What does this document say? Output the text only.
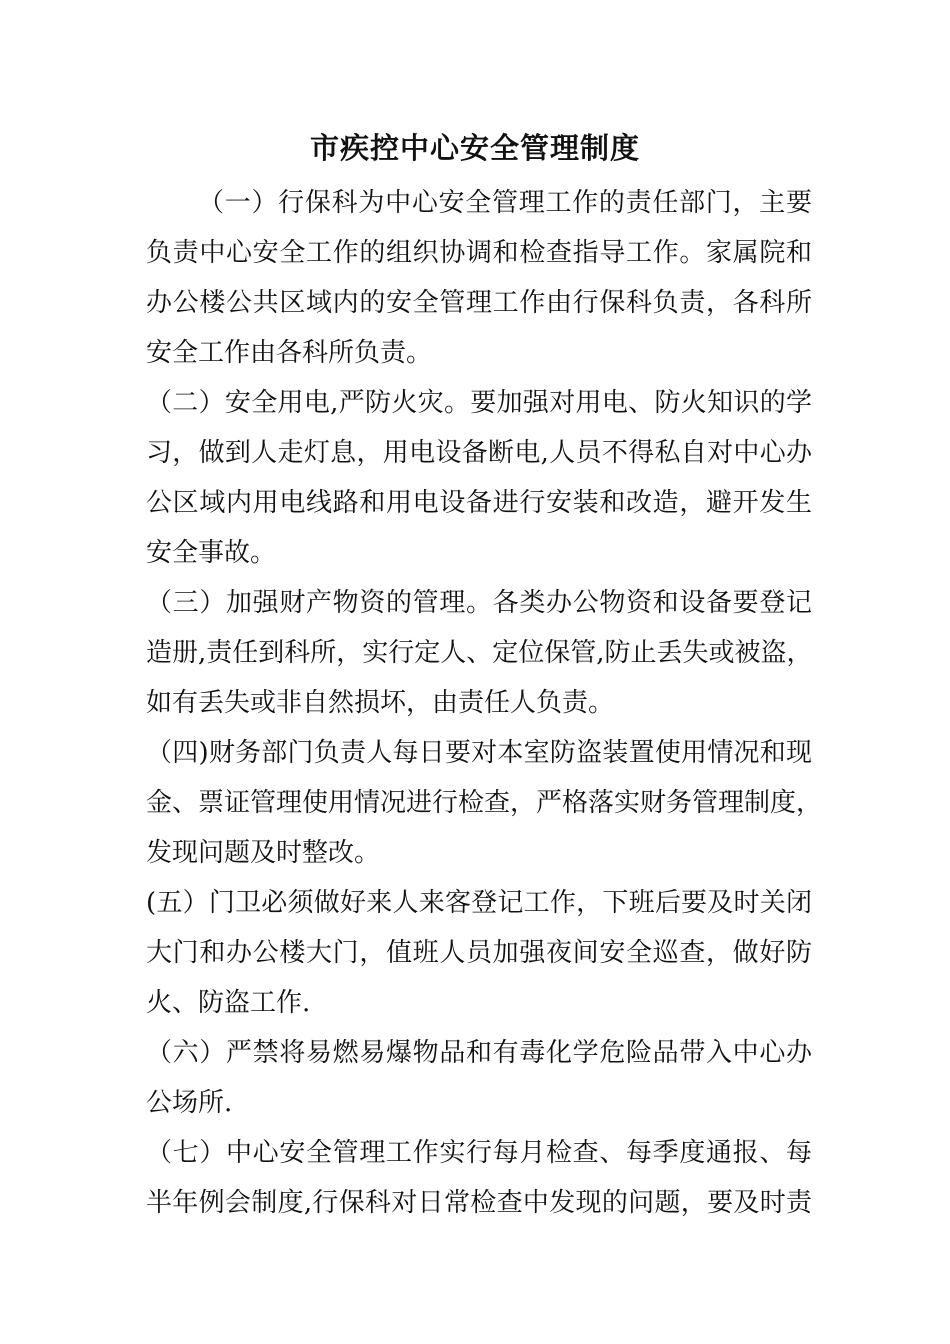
市疾控中心安全管理制度
（一）行保科为中心安全管理工作的责任部门，主要
负责中心安全工作的组织协调和检查指导工作。家属院和
办公楼公共区域内的安全管理工作由行保科负责，各科所
安全工作由各科所负责。
（二）安全用电,严防火灾。要加强对用电、防火知识的学
习，做到人走灯息，用电设备断电,人员不得私自对中心办
公区域内用电线路和用电设备进行安装和改造，避开发生
安全事故。
（三）加强财产物资的管理。各类办公物资和设备要登记
造册,责任到科所，实行定人、定位保管,防止丢失或被盗，
如有丢失或非自然损坏，由责任人负责。
（四)财务部门负责人每日要对本室防盗装置使用情况和现
金、票证管理使用情况进行检查，严格落实财务管理制度，
发现问题及时整改。
(五）门卫必须做好来人来客登记工作，下班后要及时关闭
大门和办公楼大门，值班人员加强夜间安全巡查，做好防
火、防盗工作.
（六）严禁将易燃易爆物品和有毒化学危险品带入中心办
公场所.
（七）中心安全管理工作实行每月检查、每季度通报、每
半年例会制度,行保科对日常检查中发现的问题，要及时责
